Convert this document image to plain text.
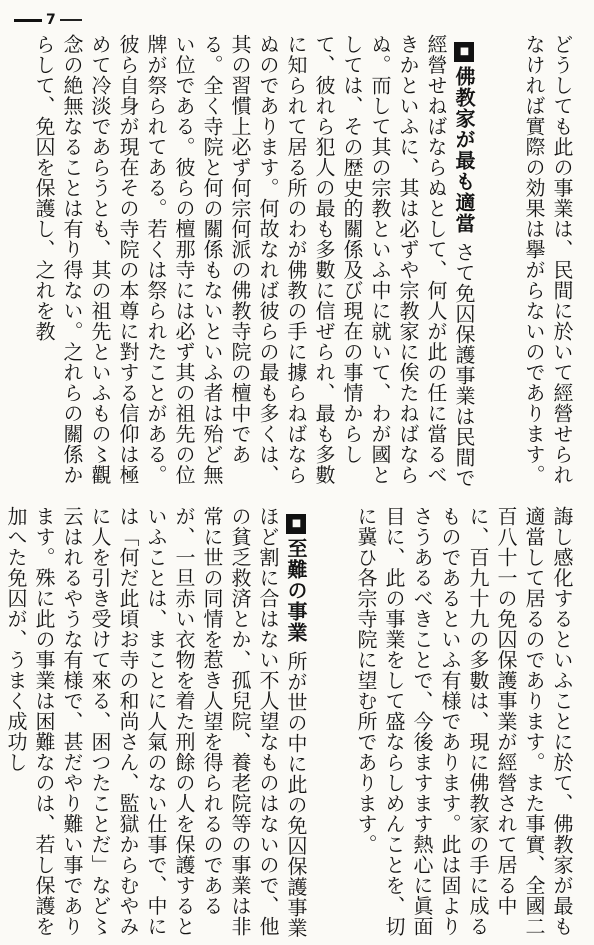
7
どうしても此の事業は、民間に於いて經營せられなければ實際の効果は擧がらないのであります。■佛教家が最も適當さて免囚保護事業は民間で經營せねばならぬとして、何人が此の任に當るべきかといふに、其は必ずや宗教家に俟たねばならぬ。而して其の宗教といふ中に就いて、わが國としては、その歴史的關係及び現在の事情からして、彼れら犯人の最も多數に信ぜられ、最も多數に知られて居る所のわが佛教の手に據らねばならぬのであります。何故なれば彼らの最も多くは、其の習慣上必ず何宗何派の佛教寺院の檀中である。全く寺院と何の關係もないといふ者は殆ど無い位である。彼らの檀那寺には必ず其の祖先の位牌が祭られてある。若くは祭られたことがある。彼ら自身が現在その寺院の本尊に對する信仰は極めて冷淡であらうとも、其の祖先といふもの〻觀念の絶無なることは有り得ない。之れらの關係からして、免囚を保護し、之れを教
誨し感化するといふことに於て、佛教家が最も適當して居るのであります。また事實、全國二百八十一の免囚保護事業が經營されて居る中に、百九十九の多數は、現に佛教家の手に成るものであるといふ有様であります。此は固よりさうあるべきことで、今後ますます熱心に眞面目に、此の事業をして盛ならしめんことを、切に冀ひ各宗寺院に望む所であります。■至難の事業所が世の中に此の免囚保護事業ほど割に合はない不人望なものはないので、他の貧乏救済とか、孤兒院、養老院等の事業は非常に世の同情を惹き人望を得られるのであるが、一旦赤い衣物を着た刑餘の人を保護するといふことは、まことに人氣のない仕事で、中には「何だ此頃お寺の和尚さん、監獄からむやみに人を引き受けて來る、困つたことだ」など〻云はれるやうな有様で、甚だやり難い事であります。殊に此の事業は困難なのは、若し保護を加へた免囚が、うまく成功し
